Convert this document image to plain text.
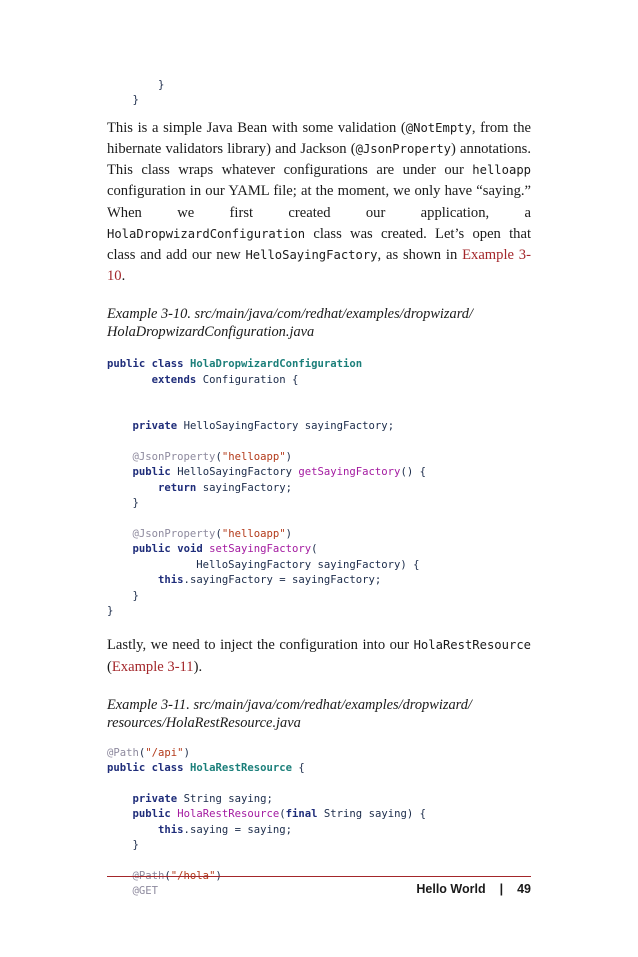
}
}

This is a simple Java Bean with some validation (@NotEmpty, from the hibernate validators library) and Jackson (@JsonProperty) annotations. This class wraps whatever configurations are under our helloapp configuration in our YAML file; at the moment, we only have “saying.” When we first created our application, a HolaDropwizardConfiguration class was created. Let’s open that class and add our new HelloSayingFactory, as shown in Example 3-10.

Example 3-10. src/main/java/com/redhat/examples/dropwizard/
HolaDropwizardConfiguration.java

public class HolaDropwizardConfiguration
extends Configuration {

private HelloSayingFactory sayingFactory;

@JsonProperty("helloapp")
public HelloSayingFactory getSayingFactory() {
return sayingFactory;
}

@JsonProperty("helloapp")
public void setSayingFactory(
HelloSayingFactory sayingFactory) {
this.sayingFactory = sayingFactory;
}
}

Lastly, we need to inject the configuration into our HolaRestResource (Example 3-11).

Example 3-11. src/main/java/com/redhat/examples/dropwizard/
resources/HolaRestResource.java

@Path("/api")
public class HolaRestResource {

private String saying;
public HolaRestResource(final String saying) {
this.saying = saying;
}

@Path("/hola")
@GET	Hello World | 49
